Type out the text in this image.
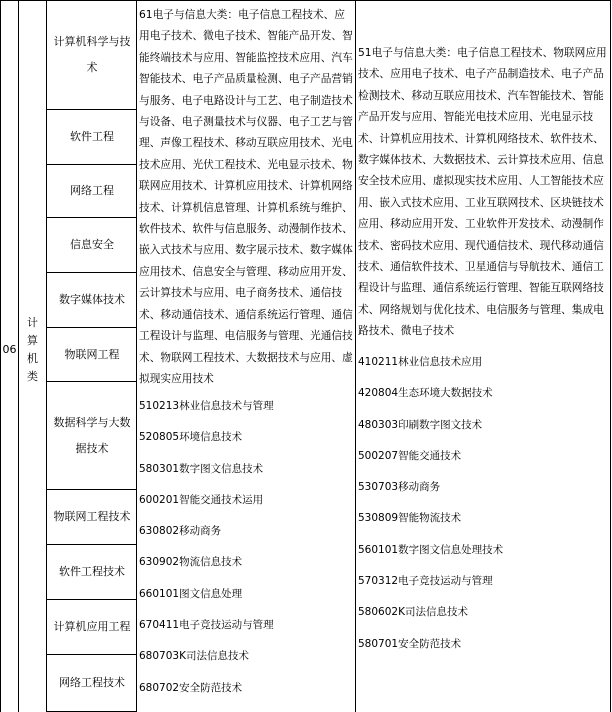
06
计算机类
计算机科学与技术
软件工程
网络工程
信息安全
数字媒体技术
物联网工程
数据科学与大数据技术
物联网工程技术
软件工程技术
计算机应用工程
网络工程技术
61电子与信息大类：电子信息工程技术、应用电子技术、微电子技术、智能产品开发、智能终端技术与应用、智能监控技术应用、汽车智能技术、电子产品质量检测、电子产品营销与服务、电子电路设计与工艺、电子制造技术与设备、电子测量技术与仪器、电子工艺与管理、声像工程技术、移动互联应用技术、光电技术应用、光伏工程技术、光电显示技术、物联网应用技术、计算机应用技术、计算机网络技术、计算机信息管理、计算机系统与维护、软件技术、软件与信息服务、动漫制作技术、嵌入式技术与应用、数字展示技术、数字媒体应用技术、信息安全与管理、移动应用开发、云计算技术与应用、电子商务技术、通信技术、移动通信技术、通信系统运行管理、通信工程设计与监理、电信服务与管理、光通信技术、物联网工程技术、大数据技术与应用、虚拟现实应用技术
510213林业信息技术与管理
520805环境信息技术
580301数字图文信息技术
600201智能交通技术运用
630802移动商务
630902物流信息技术
660101图文信息处理
670411电子竞技运动与管理
680703K司法信息技术
680702安全防范技术
51电子与信息大类：电子信息工程技术、物联网应用技术、应用电子技术、电子产品制造技术、电子产品检测技术、移动互联应用技术、汽车智能技术、智能产品开发与应用、智能光电技术应用、光电显示技术、计算机应用技术、计算机网络技术、软件技术、数字媒体技术、大数据技术、云计算技术应用、信息安全技术应用、虚拟现实技术应用、人工智能技术应用、嵌入式技术应用、工业互联网技术、区块链技术应用、移动应用开发、工业软件开发技术、动漫制作技术、密码技术应用、现代通信技术、现代移动通信技术、通信软件技术、卫星通信与导航技术、通信工程设计与监理、通信系统运行管理、智能互联网络技术、网络规划与优化技术、电信服务与管理、集成电路技术、微电子技术
410211林业信息技术应用
420804生态环境大数据技术
480303印刷数字图文技术
500207智能交通技术
530703移动商务
530809智能物流技术
560101数字图文信息处理技术
570312电子竞技运动与管理
580602K司法信息技术
580701安全防范技术
